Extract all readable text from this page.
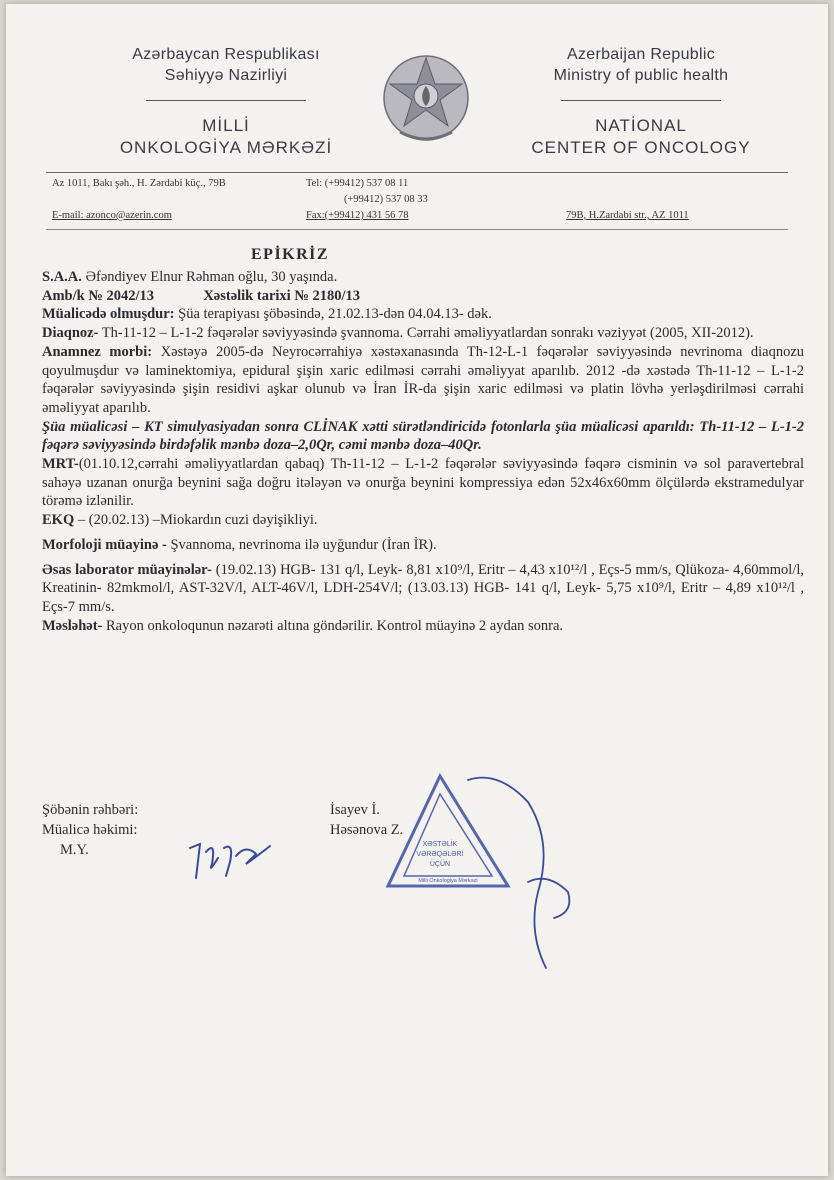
Azərbaycan Respublikası
Səhiyyə Nazirliyi
MİLLİ
ONKOLOGİYA MƏRKƏZİ
Azerbaijan Republic
Ministry of public health
NATİONAL
CENTER OF ONCOLOGY
Az 1011, Bakı şəh., H. Zərdabi küç., 79B	Tel: (+99412) 537 08 11
(+99412) 537 08 33
E-mail: azonco@azerin.com	Fax:(+99412) 431 56 78	79B, H.Zardabi str., AZ 1011
EPİKRİZ

S.A.A. Əfəndiyev Elnur Rəhman oğlu, 30 yaşında.

Amb/k № 2042/13	Xəstəlik tarixi № 2180/13

Müalicədə olmuşdur: Şüa terapiyası şöbəsində, 21.02.13-dən 04.04.13- dək.

Diaqnoz- Th-11-12 – L-1-2 fəqərələr səviyyəsində şvannoma. Cərrahi əməliyyatlardan sonrakı vəziyyət (2005, XII-2012).

Anamnez morbi: Xəstəyə 2005-də Neyrocərrahiyə xəstəxanasında Th-12-L-1 fəqərələr səviyyəsində nevrinoma diaqnozu qoyulmuşdur və laminektomiya, epidural şişin xaric edilməsi cərrahi əməliyyat aparılıb. 2012 -də xəstədə Th-11-12 – L-1-2 fəqərələr səviyyəsində şişin residivi aşkar olunub və İran İR-da şişin xaric edilməsi və platin lövhə yerləşdirilməsi cərrahi əməliyyat aparılıb.

Şüa müalicəsi – KT simulyasiyadan sonra CLİNAK xətti sürətləndiricidə fotonlarla şüa müalicəsi aparıldı: Th-11-12 – L-1-2 fəqərə səviyyəsində birdəfəlik mənbə doza–2,0Qr, cəmi mənbə doza–40Qr.

MRT-(01.10.12,cərrahi əməliyyatlardan qabaq) Th-11-12 – L-1-2 fəqərələr səviyyəsində fəqərə cisminin və sol paravertebral sahəyə uzanan onurğa beynini sağa doğru itələyən və onurğa beynini kompressiya edən 52x46x60mm ölçülərdə ekstramedulyar törəmə izlənilir.

EKQ – (20.02.13) –Miokardın cuzi dəyişikliyi.

Morfoloji müayinə - Şvannoma, nevrinoma ilə uyğundur (İran İR).

Əsas laborator müayinələr- (19.02.13) HGB- 131 q/l, Leyk- 8,81 x10⁹/l, Eritr – 4,43 x10¹²/l , Eçs-5 mm/s, Qlükoza- 4,60mmol/l, Kreatinin- 82mkmol/l, AST-32V/l, ALT-46V/l, LDH-254V/l; (13.03.13) HGB- 141 q/l, Leyk- 5,75 x10⁹/l, Eritr – 4,89 x10¹²/l , Eçs-7 mm/s.

Məsləhət- Rayon onkoloqunun nəzarəti altına göndərilir. Kontrol müayinə 2 aydan sonra.

Şöbənin rəhbəri:	İsayev İ.
Müalicə həkimi:	Həsənova Z.
M.Y.	XƏSTƏLİK
VƏRƏQƏLƏRİ
ÜÇÜN
Milli Onkologiya Mərkəzi
